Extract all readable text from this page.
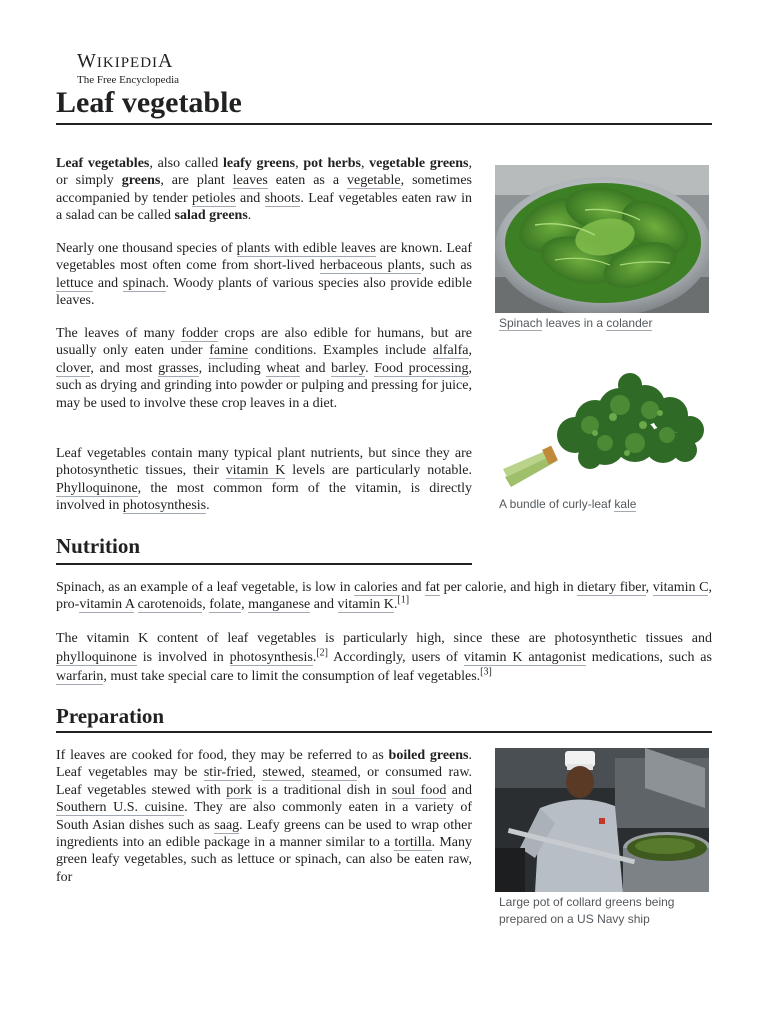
WIKIPEDIA
The Free Encyclopedia
Leaf vegetable

Leaf vegetables, also called leafy greens, pot herbs, vegetable greens, or simply greens, are plant leaves eaten as a vegetable, sometimes accompanied by tender petioles and shoots. Leaf vegetables eaten raw in a salad can be called salad greens.

Nearly one thousand species of plants with edible leaves are known. Leaf vegetables most often come from short-lived herbaceous plants, such as lettuce and spinach. Woody plants of various species also provide edible leaves.

The leaves of many fodder crops are also edible for humans, but are usually only eaten under famine conditions. Examples include alfalfa, clover, and most grasses, including wheat and barley. Food processing, such as drying and grinding into powder or pulping and pressing for juice, may be used to involve these crop leaves in a diet.

Leaf vegetables contain many typical plant nutrients, but since they are photosynthetic tissues, their vitamin K levels are particularly notable. Phylloquinone, the most common form of the vitamin, is directly involved in photosynthesis.

Spinach leaves in a colander
A bundle of curly-leaf kale
Nutrition

Spinach, as an example of a leaf vegetable, is low in calories and fat per calorie, and high in dietary fiber, vitamin C, pro-vitamin A carotenoids, folate, manganese and vitamin K.[1]

The vitamin K content of leaf vegetables is particularly high, since these are photosynthetic tissues and phylloquinone is involved in photosynthesis.[2] Accordingly, users of vitamin K antagonist medications, such as warfarin, must take special care to limit the consumption of leaf vegetables.[3]

Preparation

If leaves are cooked for food, they may be referred to as boiled greens. Leaf vegetables may be stir-fried, stewed, steamed, or consumed raw. Leaf vegetables stewed with pork is a traditional dish in soul food and Southern U.S. cuisine. They are also commonly eaten in a variety of South Asian dishes such as saag. Leafy greens can be used to wrap other ingredients into an edible package in a manner similar to a tortilla. Many green leafy vegetables, such as lettuce or spinach, can also be eaten raw, for

Large pot of collard greens being prepared on a US Navy ship
